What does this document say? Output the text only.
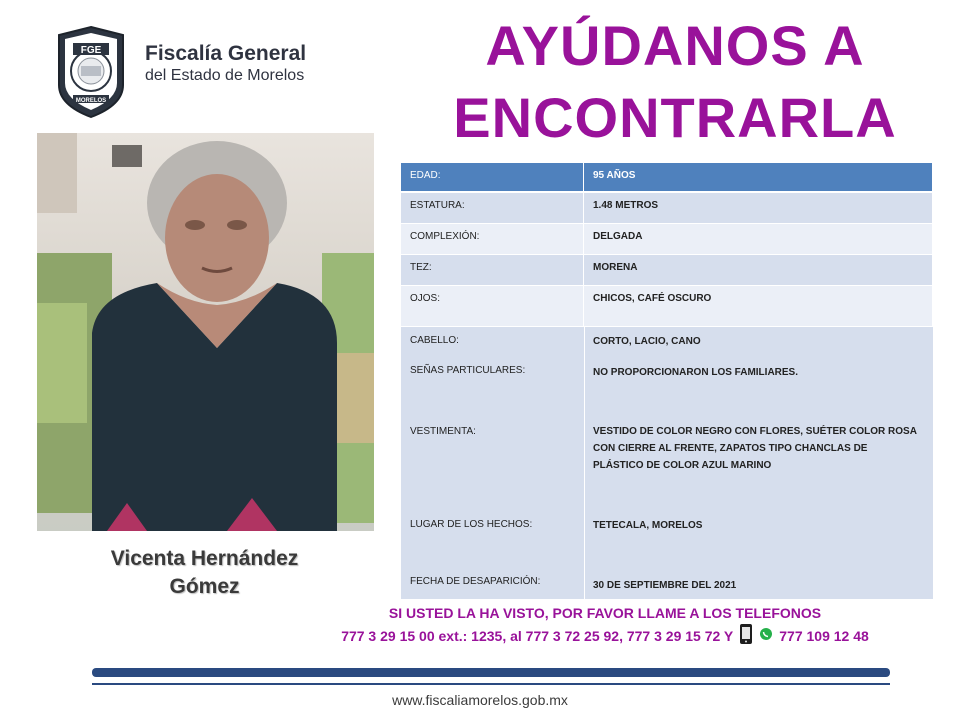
FGE
MORELOS
Fiscalía General
del Estado de Morelos	AYÚDANOS A
ENCONTRARLA
Vicenta Hernández
Gómez
EDAD:	95 AÑOS
ESTATURA:	1.48 METROS
COMPLEXIÓN:	DELGADA
TEZ:	MORENA
OJOS:	CHICOS, CAFÉ OSCURO
CABELLO:	CORTO, LACIO, CANO
SEÑAS PARTICULARES:	NO PROPORCIONARON LOS FAMILIARES.
VESTIMENTA:	VESTIDO DE COLOR NEGRO CON FLORES, SUÉTER COLOR ROSA CON CIERRE AL FRENTE, ZAPATOS TIPO CHANCLAS DE PLÁSTICO DE COLOR AZUL MARINO
LUGAR DE LOS HECHOS:	TETECALA, MORELOS
FECHA DE DESAPARICIÓN:	30 DE SEPTIEMBRE DEL 2021
SI USTED LA HA VISTO, POR FAVOR LLAME A LOS TELEFONOS
777 3 29 15 00 ext.: 1235, al 777 3 72 25 92, 777 3 29 15 72 Y	777 109 12 48
www.fiscaliamorelos.gob.mx
